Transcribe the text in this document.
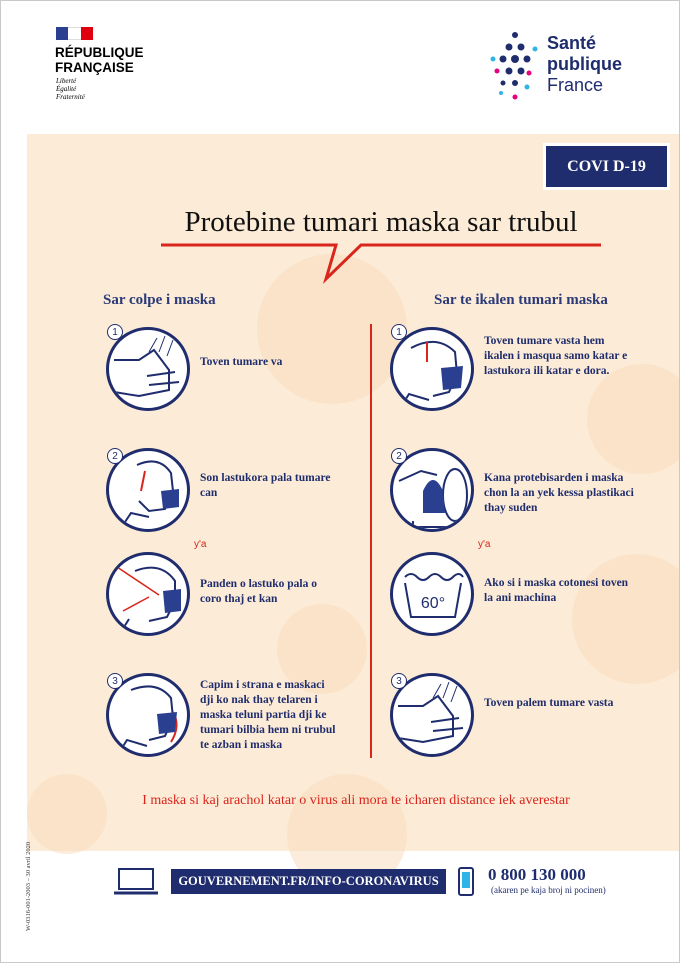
RÉPUBLIQUE
FRANÇAISE
Liberté
Égalité
Fraternité
Santé
publique
France
COVI D-19
Protebine tumari maska sar trubul
Sar colpe i maska	Sar te ikalen tumari maska
1
Toven tumare va
2
Son lastukora pala tumare can
y'a
Panden o lastuko pala o coro thaj et kan
3	Capim i strana e maskaci dji ko nak thay telaren i maska teluni partia dji ke tumari bilbia hem ni trubul te azban i maska
1
Toven tumare vasta hem ikalen i masqua samo katar e lastukora ili katar e dora.
2
Kana protebisarden i maska chon la an yek kessa plastikaci thay suden
y'a
60°
Ako si i maska cotonesi toven la ani machina
3
Toven palem tumare vasta
I maska si kaj arachol katar o virus ali mora te icharen distance iek averestar
GOUVERNEMENT.FR/INFO-CORONAVIRUS	0 800 130 000
(akaren pe kaja broj ni pocinen)
W-0316-001-2003 – 30 avril 2020
